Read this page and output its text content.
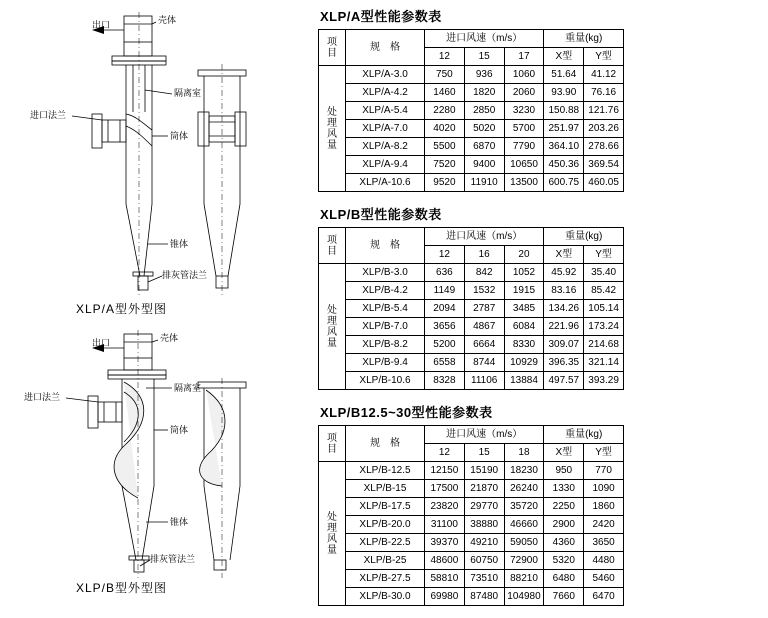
出口	壳体
隔离室
进口法兰
筒体
锥体
排灰管法兰
XLP/A型外型图
出口	壳体
隔离室
进口法兰
筒体
锥体
排灰管法兰
XLP/B型外型图
XLP/A型性能参数表
项
目	规　格	进口风速（m/s）			重量(kg)	
		12	15	17	X型	Y型
处
理
风
量	XLP/A-3.0	750	936	1060	51.64	41.12
	XLP/A-4.2	1460	1820	2060	93.90	76.16
	XLP/A-5.4	2280	2850	3230	150.88	121.76
	XLP/A-7.0	4020	5020	5700	251.97	203.26
	XLP/A-8.2	5500	6870	7790	364.10	278.66
	XLP/A-9.4	7520	9400	10650	450.36	369.54
	XLP/A-10.6	9520	11910	13500	600.75	460.05
XLP/B型性能参数表
项
目	规　格	进口风速（m/s）			重量(kg)	
		12	16	20	X型	Y型
处
理
风
量	XLP/B-3.0	636	842	1052	45.92	35.40
	XLP/B-4.2	1149	1532	1915	83.16	85.42
	XLP/B-5.4	2094	2787	3485	134.26	105.14
	XLP/B-7.0	3656	4867	6084	221.96	173.24
	XLP/B-8.2	5200	6664	8330	309.07	214.68
	XLP/B-9.4	6558	8744	10929	396.35	321.14
	XLP/B-10.6	8328	11106	13884	497.57	393.29
XLP/B12.5~30型性能参数表
项
目	规　格	进口风速（m/s）			重量(kg)	
		12	15	18	X型	Y型
处
理
风
量	XLP/B-12.5	12150	15190	18230	950	770
	XLP/B-15	17500	21870	26240	1330	1090
	XLP/B-17.5	23820	29770	35720	2250	1860
	XLP/B-20.0	31100	38880	46660	2900	2420
	XLP/B-22.5	39370	49210	59050	4360	3650
	XLP/B-25	48600	60750	72900	5320	4480
	XLP/B-27.5	58810	73510	88210	6480	5460
	XLP/B-30.0	69980	87480	104980	7660	6470
